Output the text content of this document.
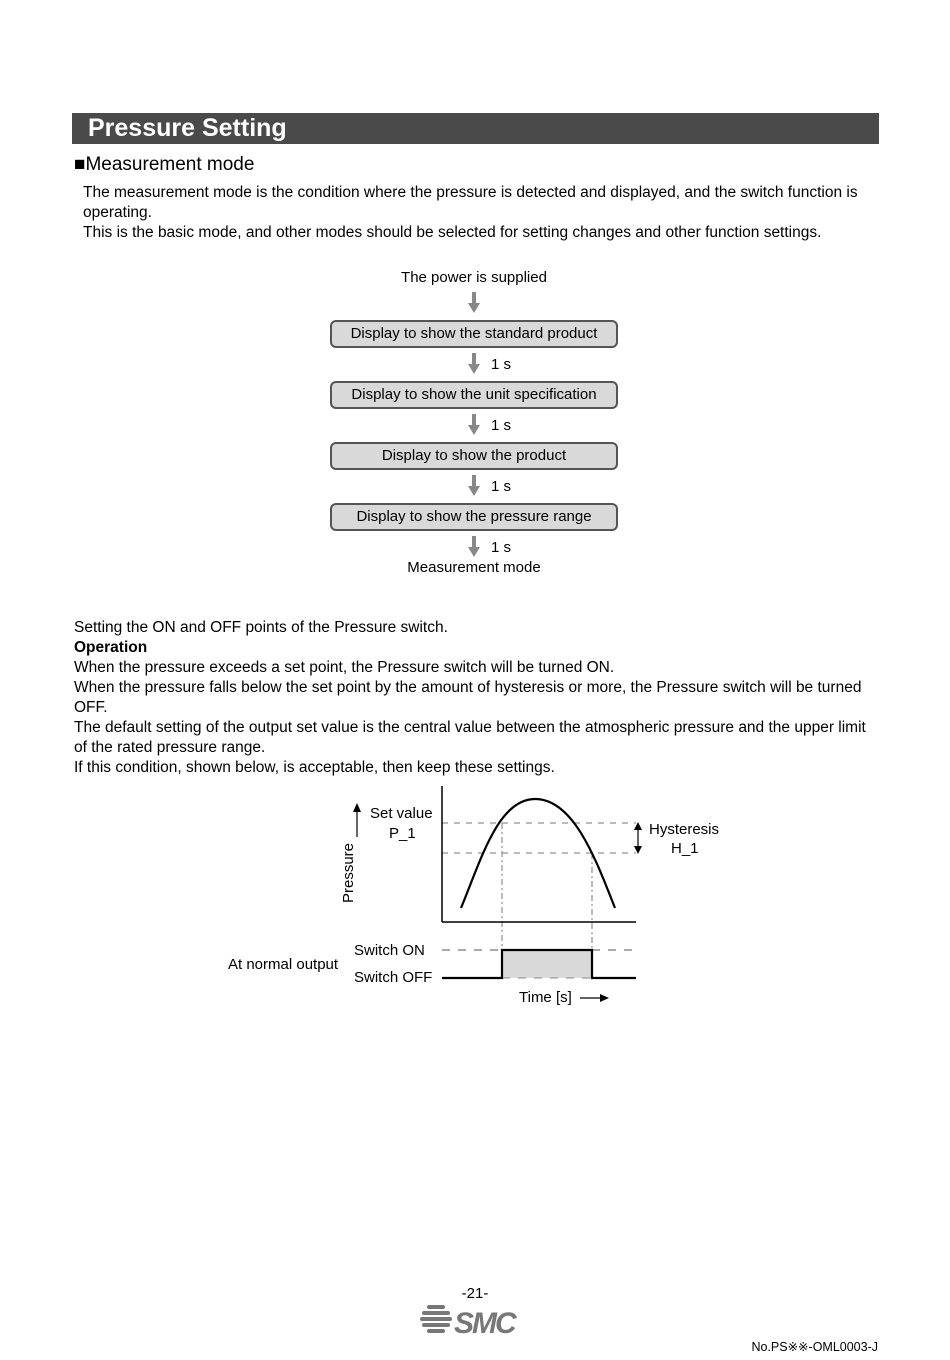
Pressure Setting
■Measurement mode
The measurement mode is the condition where the pressure is detected and displayed, and the switch function is operating.
This is the basic mode, and other modes should be selected for setting changes and other function settings.
The power is supplied
Display to show the standard product
1 s
Display to show the unit specification
1 s
Display to show the product
1 s
Display to show the pressure range
1 s
Measurement mode
Setting the ON and OFF points of the Pressure switch.
Operation
When the pressure exceeds a set point, the Pressure switch will be turned ON.
When the pressure falls below the set point by the amount of hysteresis or more, the Pressure switch will be turned OFF.
The default setting of the output set value is the central value between the atmospheric pressure and the upper limit of the rated pressure range.
If this condition, shown below, is acceptable, then keep these settings.
Pressure
Set value
P_1	Hysteresis
H_1
At normal output
Switch ON
Switch OFF
Time [s]
-21-
SMC
No.PS※※-OML0003-J
